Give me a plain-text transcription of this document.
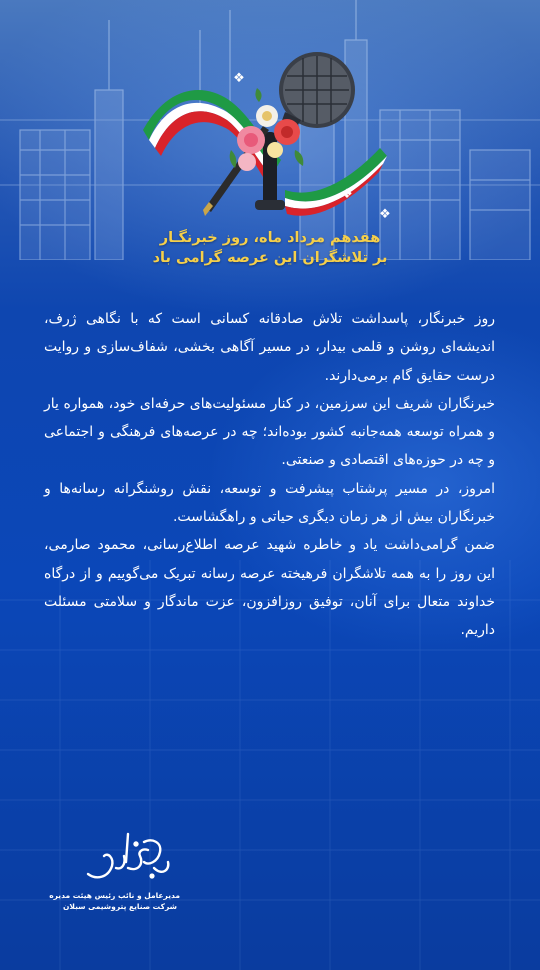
❖
❖
❖
هفدهم مرداد ماه، روز خبرنگـار
بر تلاشگران این عرصه گرامی باد

روز خبرنگار، پاسداشت تلاش صادقانه کسانی است که با نگاهی ژرف، اندیشه‌ای روشن و قلمی بیدار، در مسیر آگاهی بخشی، شفاف‌سازی و روایت درست حقایق گام برمی‌دارند.

خبرنگاران شریف این سرزمین، در کنار مسئولیت‌های حرفه‌ای خود، همواره یار و همراه توسعه همه‌جانبه کشور بوده‌اند؛ چه در عرصه‌های فرهنگی و اجتماعی و چه در حوزه‌های اقتصادی و صنعتی.

امروز، در مسیر پرشتاب پیشرفت و توسعه، نقش روشنگرانه رسانه‌ها و خبرنگاران بیش از هر زمان دیگری حیاتی و راهگشاست.

ضمن گرامی‌داشت یاد و خاطره شهید عرصه اطلاع‌رسانی، محمود صارمی، این روز را به همه تلاشگران فرهیخته عرصه رسانه تبریک می‌گوییم و از درگاه خداوند متعال برای آنان، توفیق روزافزون، عزت ماندگار و سلامتی مسئلت داریم.

مدیرعامل و نائب رئیس هیئت مدیره
شرکت صنایع پتروشیمی سبلان
